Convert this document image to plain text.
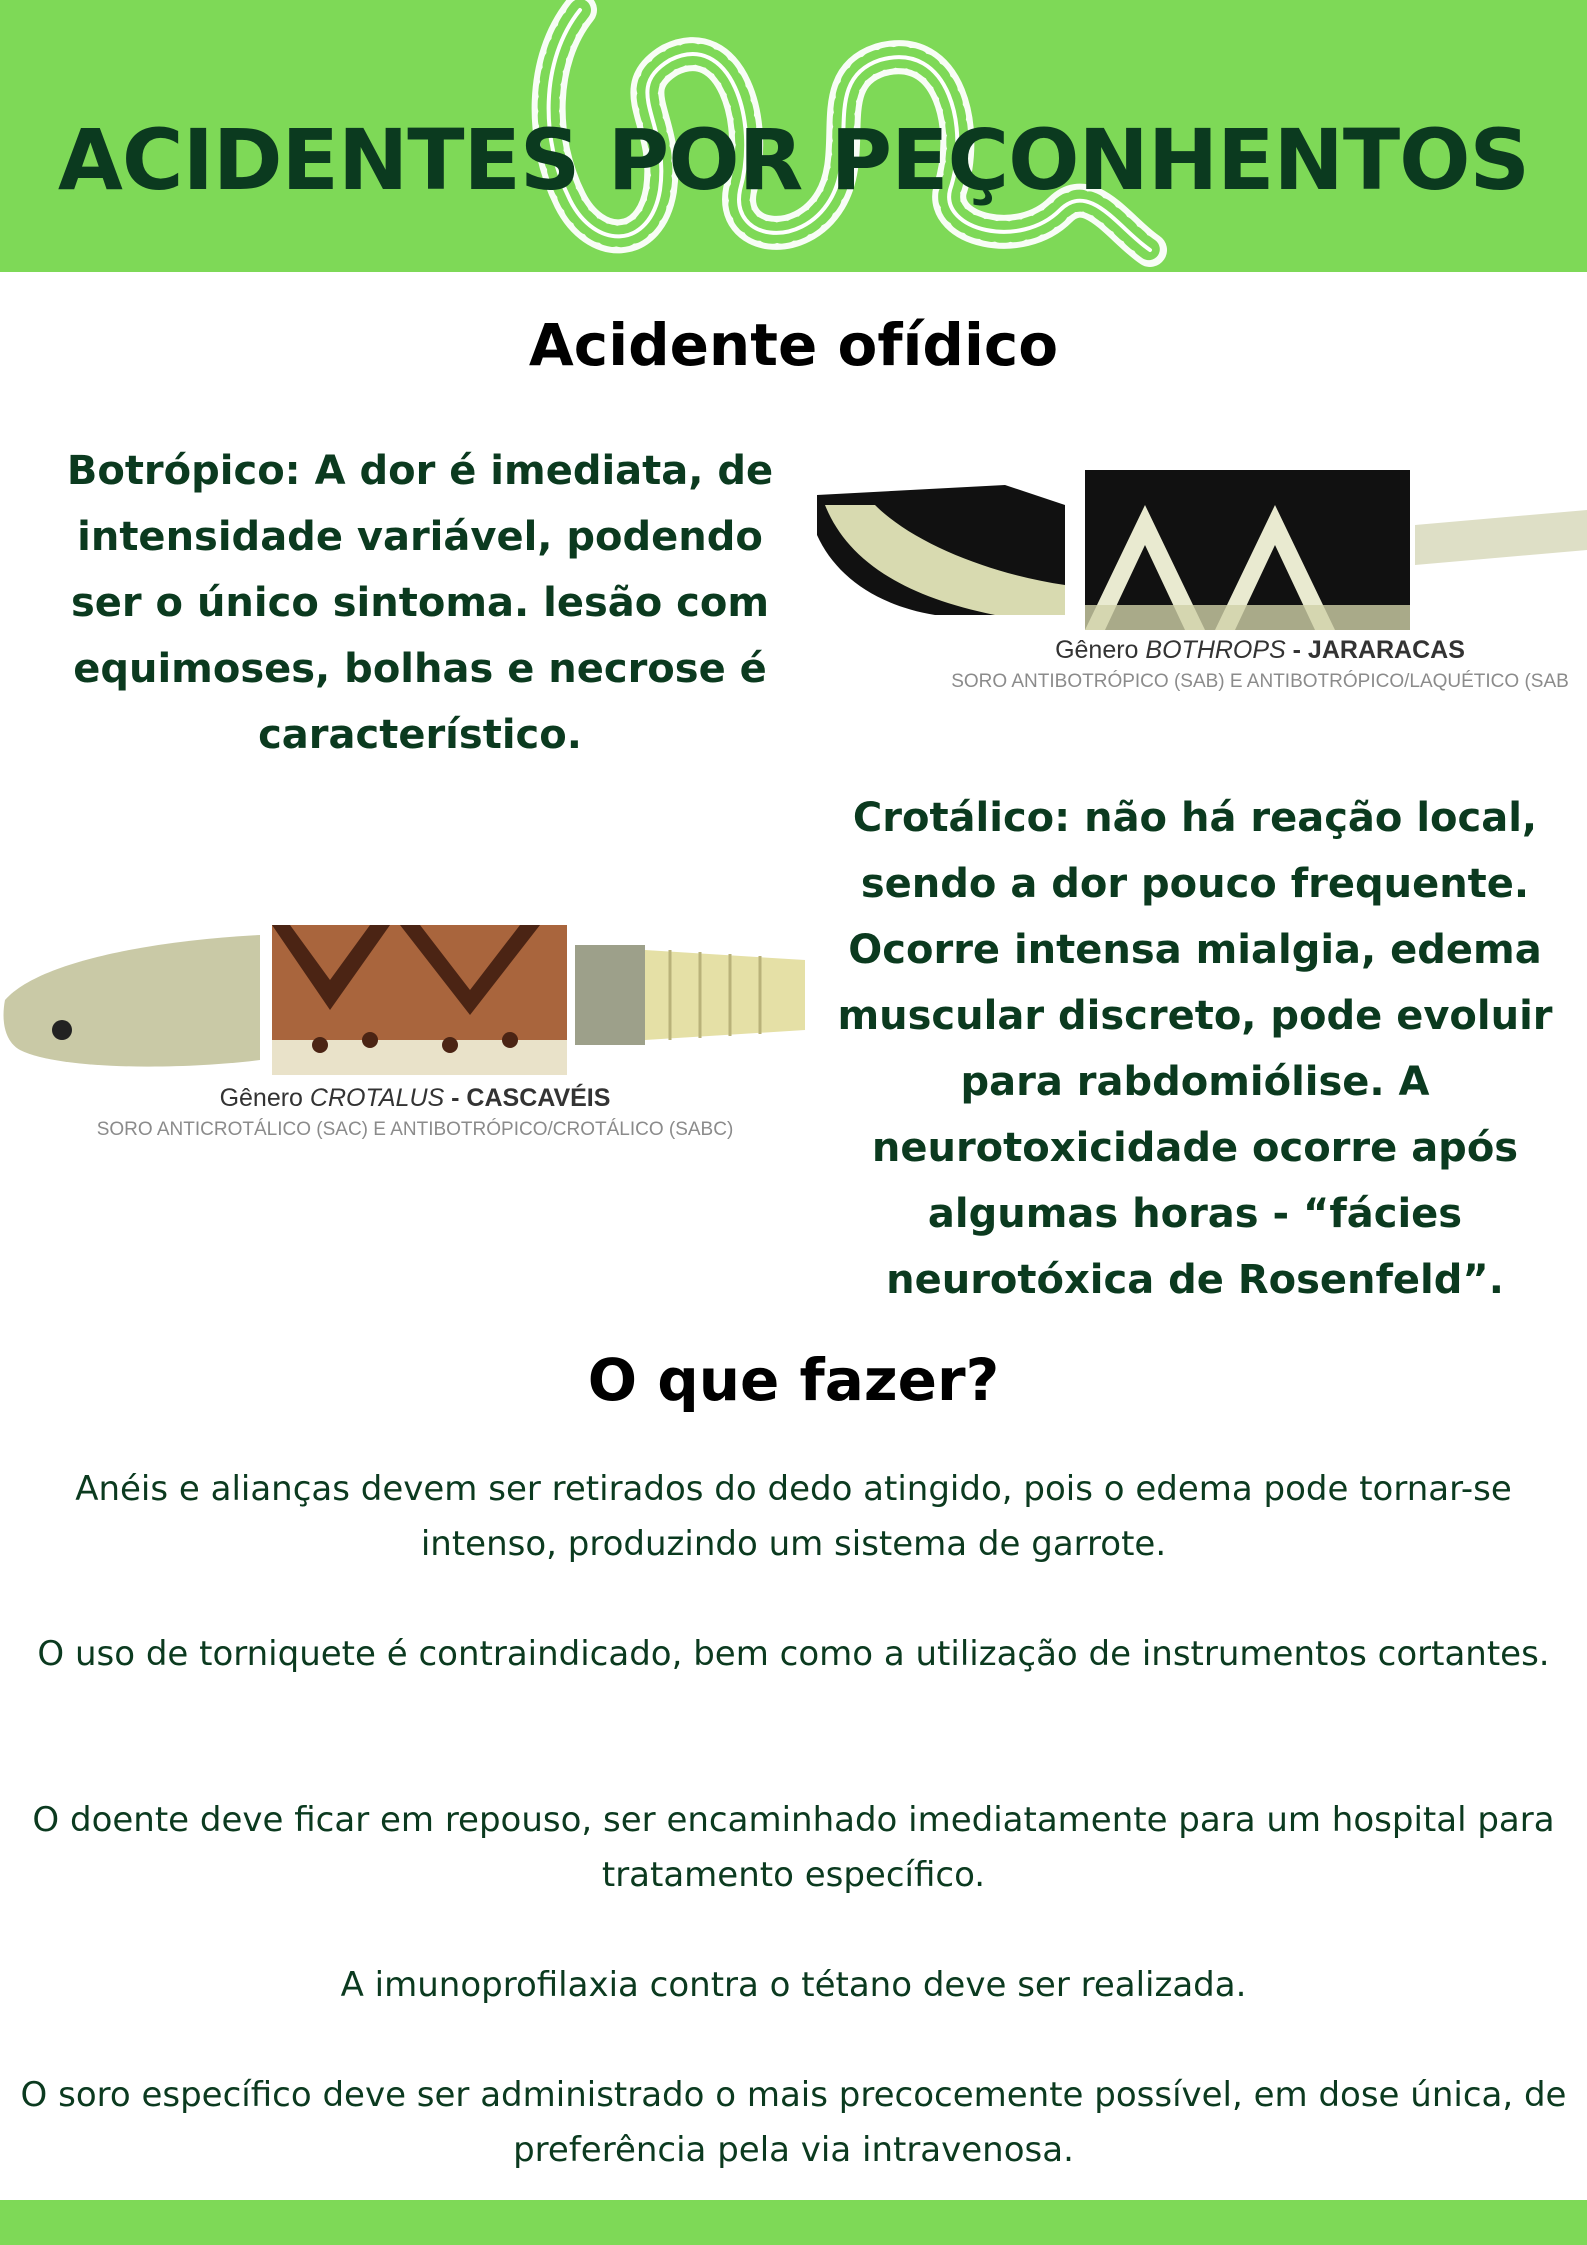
ACIDENTES POR PEÇONHENTOS
Acidente ofídico

Botrópico: A dor é imediata, de intensidade variável, podendo ser o único sintoma. lesão com equimoses, bolhas e necrose é característico.

Gênero BOTHROPS - JARARACAS
SORO ANTIBOTRÓPICO (SAB) E ANTIBOTRÓPICO/LAQUÉTICO (SAB

Crotálico: não há reação local, sendo a dor pouco frequente. Ocorre intensa mialgia, edema muscular discreto, pode evoluir para rabdomiólise. A neurotoxicidade ocorre após algumas horas - “fácies neurotóxica de Rosenfeld”.

Gênero CROTALUS - CASCAVÉIS
SORO ANTICROTÁLICO (SAC) E ANTIBOTRÓPICO/CROTÁLICO (SABC)
O que fazer?

Anéis e alianças devem ser retirados do dedo atingido, pois o edema pode tornar-se intenso, produzindo um sistema de garrote.

O uso de torniquete é contraindicado, bem como a utilização de instrumentos cortantes.

O doente deve ficar em repouso, ser encaminhado imediatamente para um hospital para tratamento específico.

A imunoprofilaxia contra o tétano deve ser realizada.

O soro específico deve ser administrado o mais precocemente possível, em dose única, de preferência pela via intravenosa.
